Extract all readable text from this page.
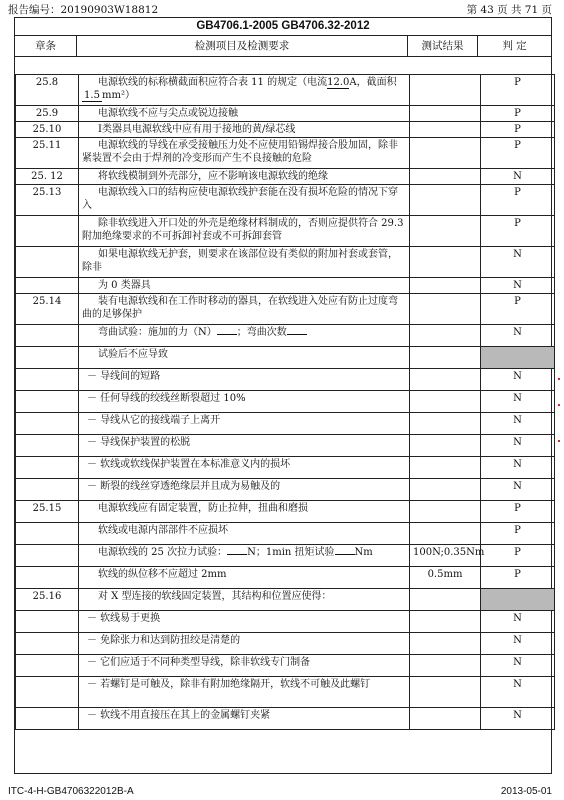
报告编号：20190903W18812	第 43 页 共 71 页
GB4706.1-2005 GB4706.32-2012
章条	检测项目及检测要求	测试结果	判 定
25.8	电源软线的标称横截面积应符合表 11 的规定（电流12.0A，截面积1.5 mm²）		P
25.9	电源软线不应与尖点或锐边接触		P
25.10	Ⅰ类器具电源软线中应有用于接地的黄/绿芯线		P
25.11	电源软线的导线在承受接触压力处不应使用铅锡焊接合股加固，除非紧装置不会由于焊剂的冷变形而产生不良接触的危险		P
25. 12	将软线模制到外壳部分，应不影响该电源软线的绝缘		N
25.13	电源软线入口的结构应使电源软线护套能在没有损坏危险的情况下穿入		P
	除非软线进入开口处的外壳是绝缘材料制成的，否则应提供符合 29.3 附加绝缘要求的不可拆卸衬套或不可拆卸套管		P
	如果电源软线无护套，则要求在该部位设有类似的附加衬套或套管，除非		N
	为 0 类器具		N
25.14	装有电源软线和在工作时移动的器具，在软线进入处应有防止过度弯曲的足够保护		P
	弯曲试验：施加的力（N） ；弯曲次数		N
	试验后不应导致		
	－ 导线间的短路		N
	－ 任何导线的绞线丝断裂超过 10%		N
	－ 导线从它的接线端子上离开		N
	－ 导线保护装置的松脱		N
	－ 软线或软线保护装置在本标准意义内的损坏		N
	－ 断裂的线丝穿透绝缘层并且成为易触及的		N
25.15	电源软线应有固定装置，防止拉伸，扭曲和磨损		P
	软线或电源内部部件不应损坏		P
	电源软线的 25 次拉力试验： N；1min 扭矩试验 Nm	100N;0.35Nm	P
	软线的纵位移不应超过 2mm	0.5mm	P
25.16	对 X 型连接的软线固定装置，其结构和位置应使得：		
	－ 软线易于更换		N
	－ 免除张力和达到防扭绞是清楚的		N
	－ 它们应适于不同种类型导线，除非软线专门制备		N
	－ 若螺钉是可触及，除非有附加绝缘隔开，软线不可触及此螺钉		N
	－ 软线不用直接压在其上的金属螺钉夹紧		N
ITC-4-H-GB4706322012B-A	2013-05-01
